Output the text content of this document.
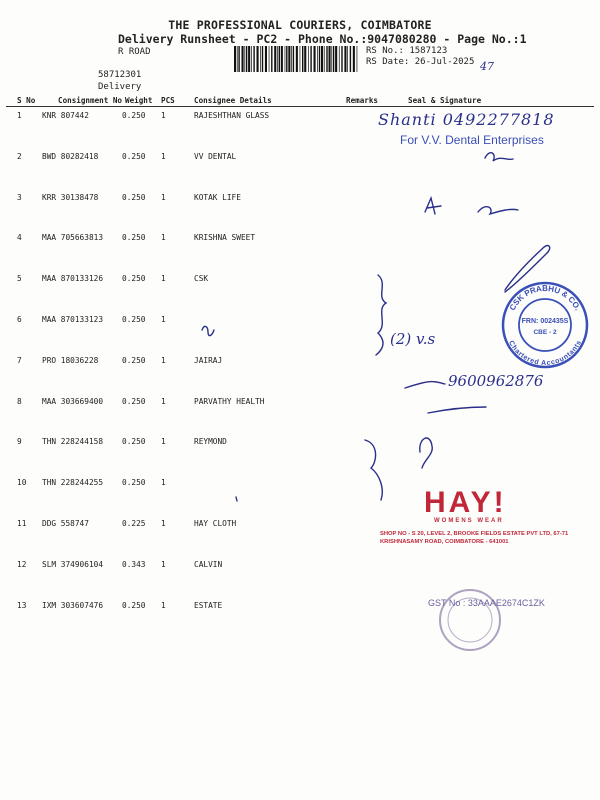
THE PROFESSIONAL COURIERS, COIMBATORE
Delivery Runsheet - PC2 - Phone No.:9047080280 - Page No.:1
R ROAD
58712301
Delivery
RS No.: 1587123
RS Date: 26-Jul-2025 47
S No	Consignment No Weight PCS	Consignee Details	Remarks	Seal & Signature
1	KNR 807442	0.250 1	RAJESHTHAN GLASS
2	BWD 80282418	0.250 1	VV DENTAL
3	KRR 30138478	0.250 1	KOTAK LIFE
4	MAA 705663813 0.250 1	KRISHNA SWEET
5	MAA 870133126 0.250 1	CSK
6	MAA 870133123 0.250 1
7	PRO 18036228	0.250 1	JAIRAJ
8	MAA 303669400 0.250 1	PARVATHY HEALTH
9	THN 228244158 0.250 1	REYMOND
10 THN 228244255 0.250 1
11 DDG 558747	0.225 1	HAY CLOTH
12 SLM 374906104 0.343 1	CALVIN
13 IXM 303607476 0.250 1	ESTATE
CSK PRABHU & CO.
Chartered Accountants
FRN: 002435S
CBE - 2
Shanti 0492277818
For V.V. Dental Enterprises
9600962876
(2) v.s
HAY!
WOMENS WEAR
SHOP NO - S 20, LEVEL 2, BROOKE FIELDS ESTATE PVT LTD, 67-71 KRISHNASAMY ROAD, COIMBATORE - 641001
GST No : 33AAAE2674C1ZK
